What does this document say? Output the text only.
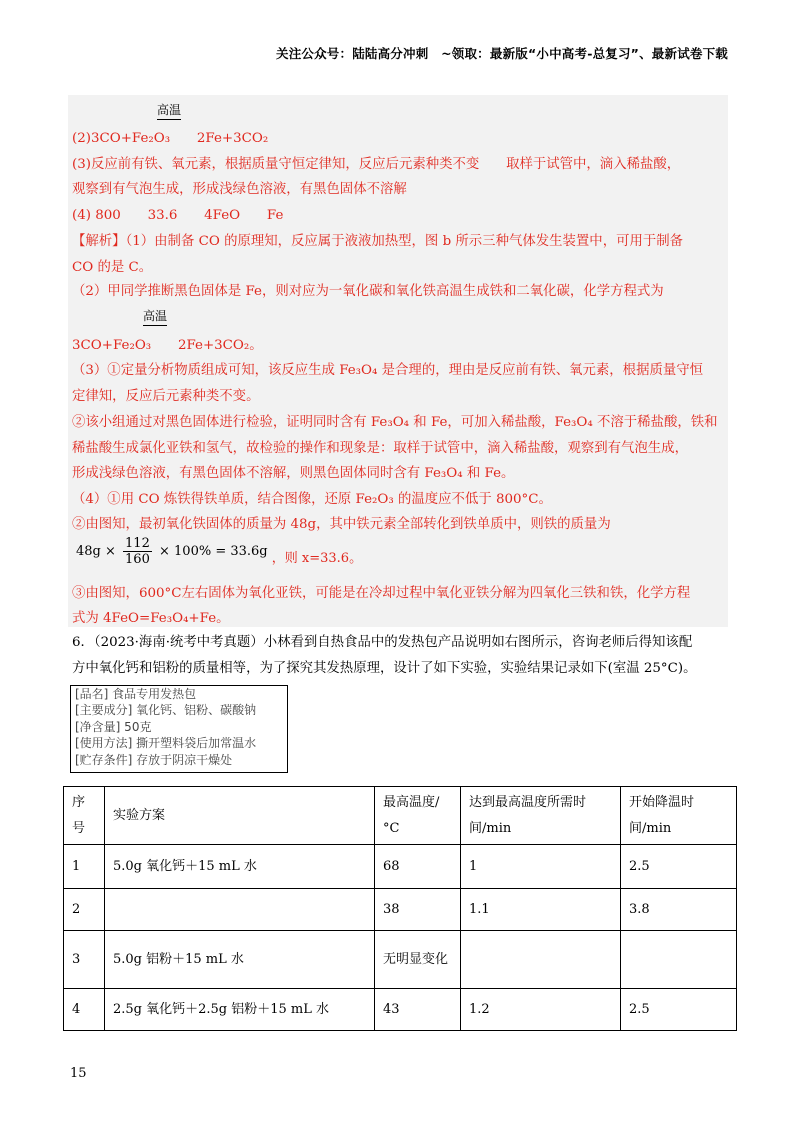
关注公众号：陆陆高分冲刺　~领取：最新版“小中高考-总复习”、最新试卷下载
高温
(2)3CO+Fe₂O₃　　2Fe+3CO₂
(3)反应前有铁、氧元素，根据质量守恒定律知，反应后元素种类不变　　取样于试管中，滴入稀盐酸，
观察到有气泡生成，形成浅绿色溶液，有黑色固体不溶解
(4) 800　　33.6　　4FeO　　Fe
【解析】（1）由制备 CO 的原理知，反应属于液液加热型，图 b 所示三种气体发生装置中，可用于制备
CO 的是 C。
（2）甲同学推断黑色固体是 Fe，则对应为一氧化碳和氧化铁高温生成铁和二氧化碳，化学方程式为
高温
3CO+Fe₂O₃　　2Fe+3CO₂。
（3）①定量分析物质组成可知，该反应生成 Fe₃O₄ 是合理的，理由是反应前有铁、氧元素，根据质量守恒
定律知，反应后元素种类不变。
②该小组通过对黑色固体进行检验，证明同时含有 Fe₃O₄ 和 Fe，可加入稀盐酸，Fe₃O₄ 不溶于稀盐酸，铁和
稀盐酸生成氯化亚铁和氢气，故检验的操作和现象是：取样于试管中，滴入稀盐酸，观察到有气泡生成，
形成浅绿色溶液，有黑色固体不溶解，则黑色固体同时含有 Fe₃O₄ 和 Fe。
（4）①用 CO 炼铁得铁单质，结合图像，还原 Fe₂O₃ 的温度应不低于 800°C。
②由图知，最初氧化铁固体的质量为 48g，其中铁元素全部转化到铁单质中，则铁的质量为
$48g \times \frac{112}{160} \times 100\% = 33.6g$ ，则 x=33.6。
③由图知，600°C左右固体为氧化亚铁，可能是在冷却过程中氧化亚铁分解为四氧化三铁和铁，化学方程
式为 4FeO=Fe₃O₄+Fe。
6．（2023·海南·统考中考真题）小林看到自热食品中的发热包产品说明如右图所示，咨询老师后得知该配
方中氧化钙和铝粉的质量相等，为了探究其发热原理，设计了如下实验，实验结果记录如下(室温 25°C)。
[品名] 食品专用发热包
[主要成分] 氧化钙、铝粉、碳酸钠
[净含量] 50克
[使用方法] 撕开塑料袋后加常温水
[贮存条件] 存放于阴凉干燥处
序号	实验方案	最高温度/°C	达到最高温度所需时间/min	开始降温时间/min
1	5.0g 氧化钙＋15 mL 水	68	1	2.5
2		38	1.1	3.8
3	5.0g 铝粉＋15 mL 水	无明显变化		
4	2.5g 氧化钙＋2.5g 铝粉＋15 mL 水	43	1.2	2.5
15
